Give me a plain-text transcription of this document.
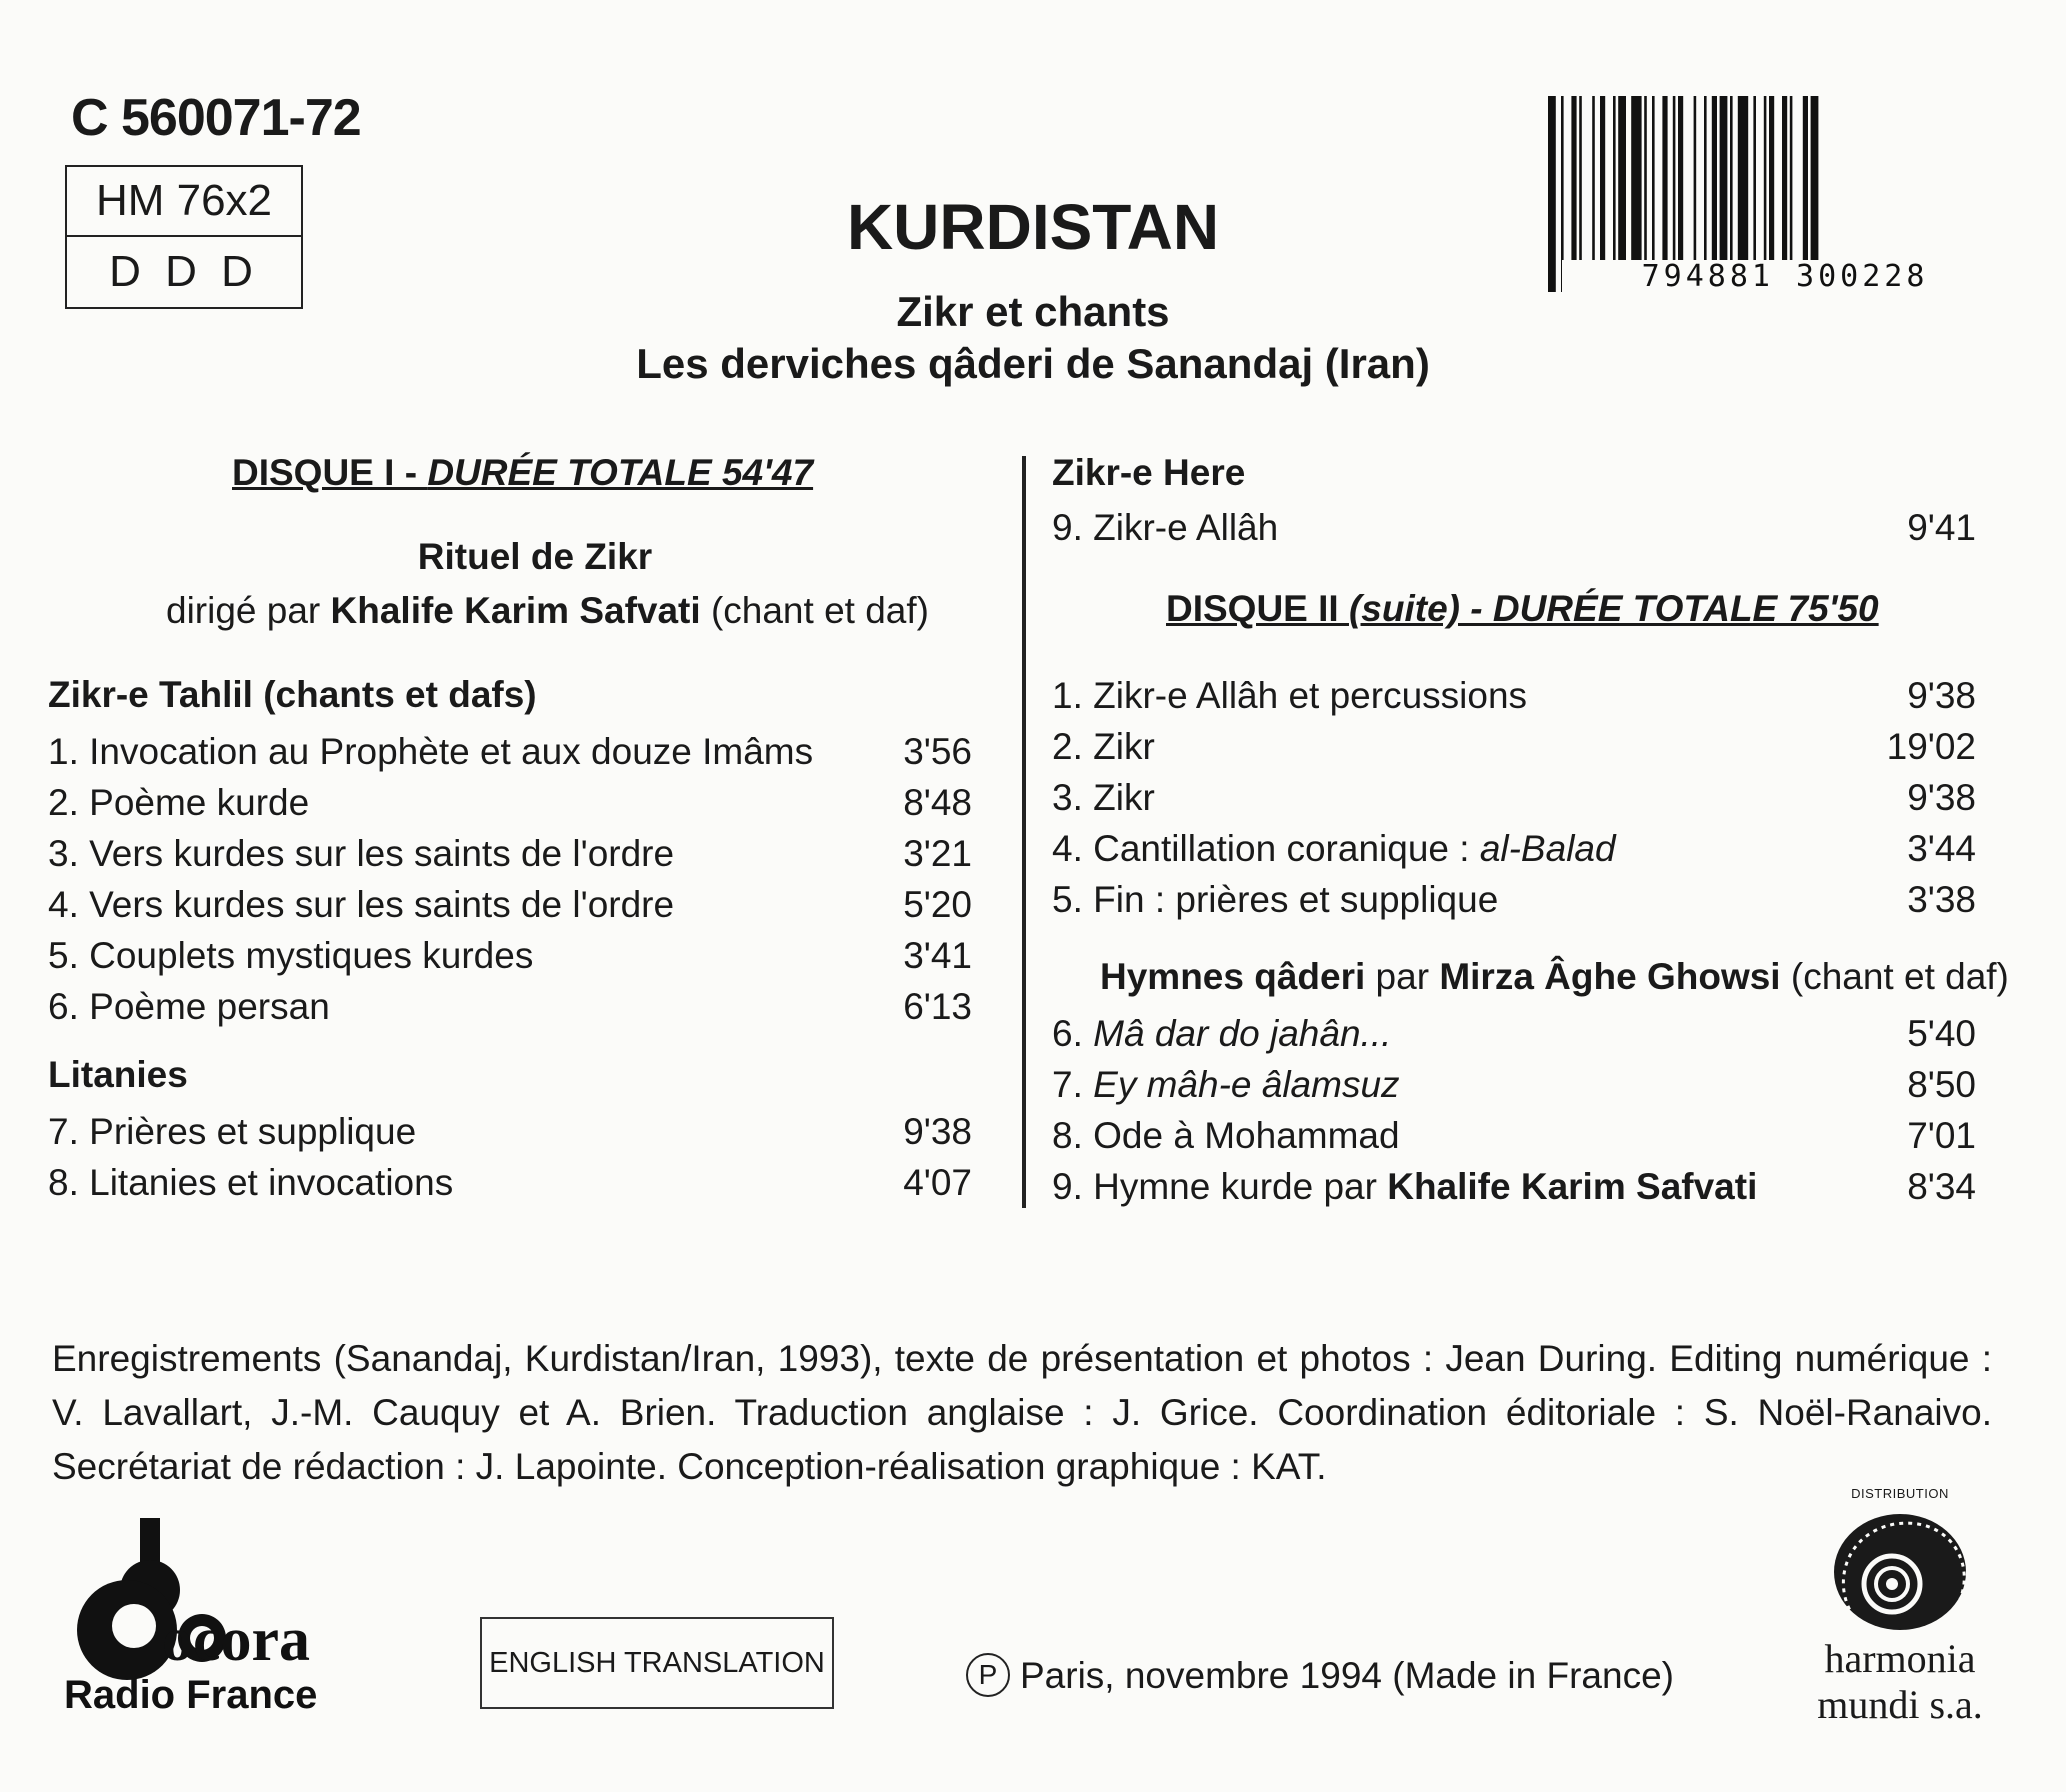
C 560071-72
HM 76x2
D D D	794881 300228
KURDISTAN
Zikr et chants
Les derviches qâderi de Sanandaj (Iran)
DISQUE I - DURÉE TOTALE 54'47
Rituel de Zikr
dirigé par Khalife Karim Safvati (chant et daf)
Zikr-e Tahlil (chants et dafs)
1. Invocation au Prophète et aux douze Imâms 3'56
2. Poème kurde	8'48
3. Vers kurdes sur les saints de l'ordre	3'21
4. Vers kurdes sur les saints de l'ordre	5'20
5. Couplets mystiques kurdes	3'41
6. Poème persan	6'13
Litanies
7. Prières et supplique	9'38
8. Litanies et invocations	4'07
Zikr-e Here
9. Zikr-e Allâh	9'41
DISQUE II (suite) - DURÉE TOTALE 75'50
1. Zikr-e Allâh et percussions	9'38
2. Zikr	19'02
3. Zikr	9'38
4. Cantillation coranique : al-Balad	3'44
5. Fin : prières et supplique	3'38
Hymnes qâderi par Mirza Âghe Ghowsi (chant et daf)
6. Mâ dar do jahân...	5'40
7. Ey mâh-e âlamsuz	8'50
8. Ode à Mohammad	7'01
9. Hymne kurde par Khalife Karim Safvati	8'34
Enregistrements (Sanandaj, Kurdistan/Iran, 1993), texte de présentation et photos : Jean During. Editing numérique :
V. Lavallart, J.-M. Cauquy et A. Brien. Traduction anglaise : J. Grice. Coordination éditoriale : S. Noël-Ranaivo.
Secrétariat de rédaction : J. Lapointe. Conception-réalisation graphique : KAT.
ocora
Radio France
ENGLISH TRANSLATION	P Paris, novembre 1994 (Made in France)
DISTRIBUTION
harmonia
mundi s.a.
